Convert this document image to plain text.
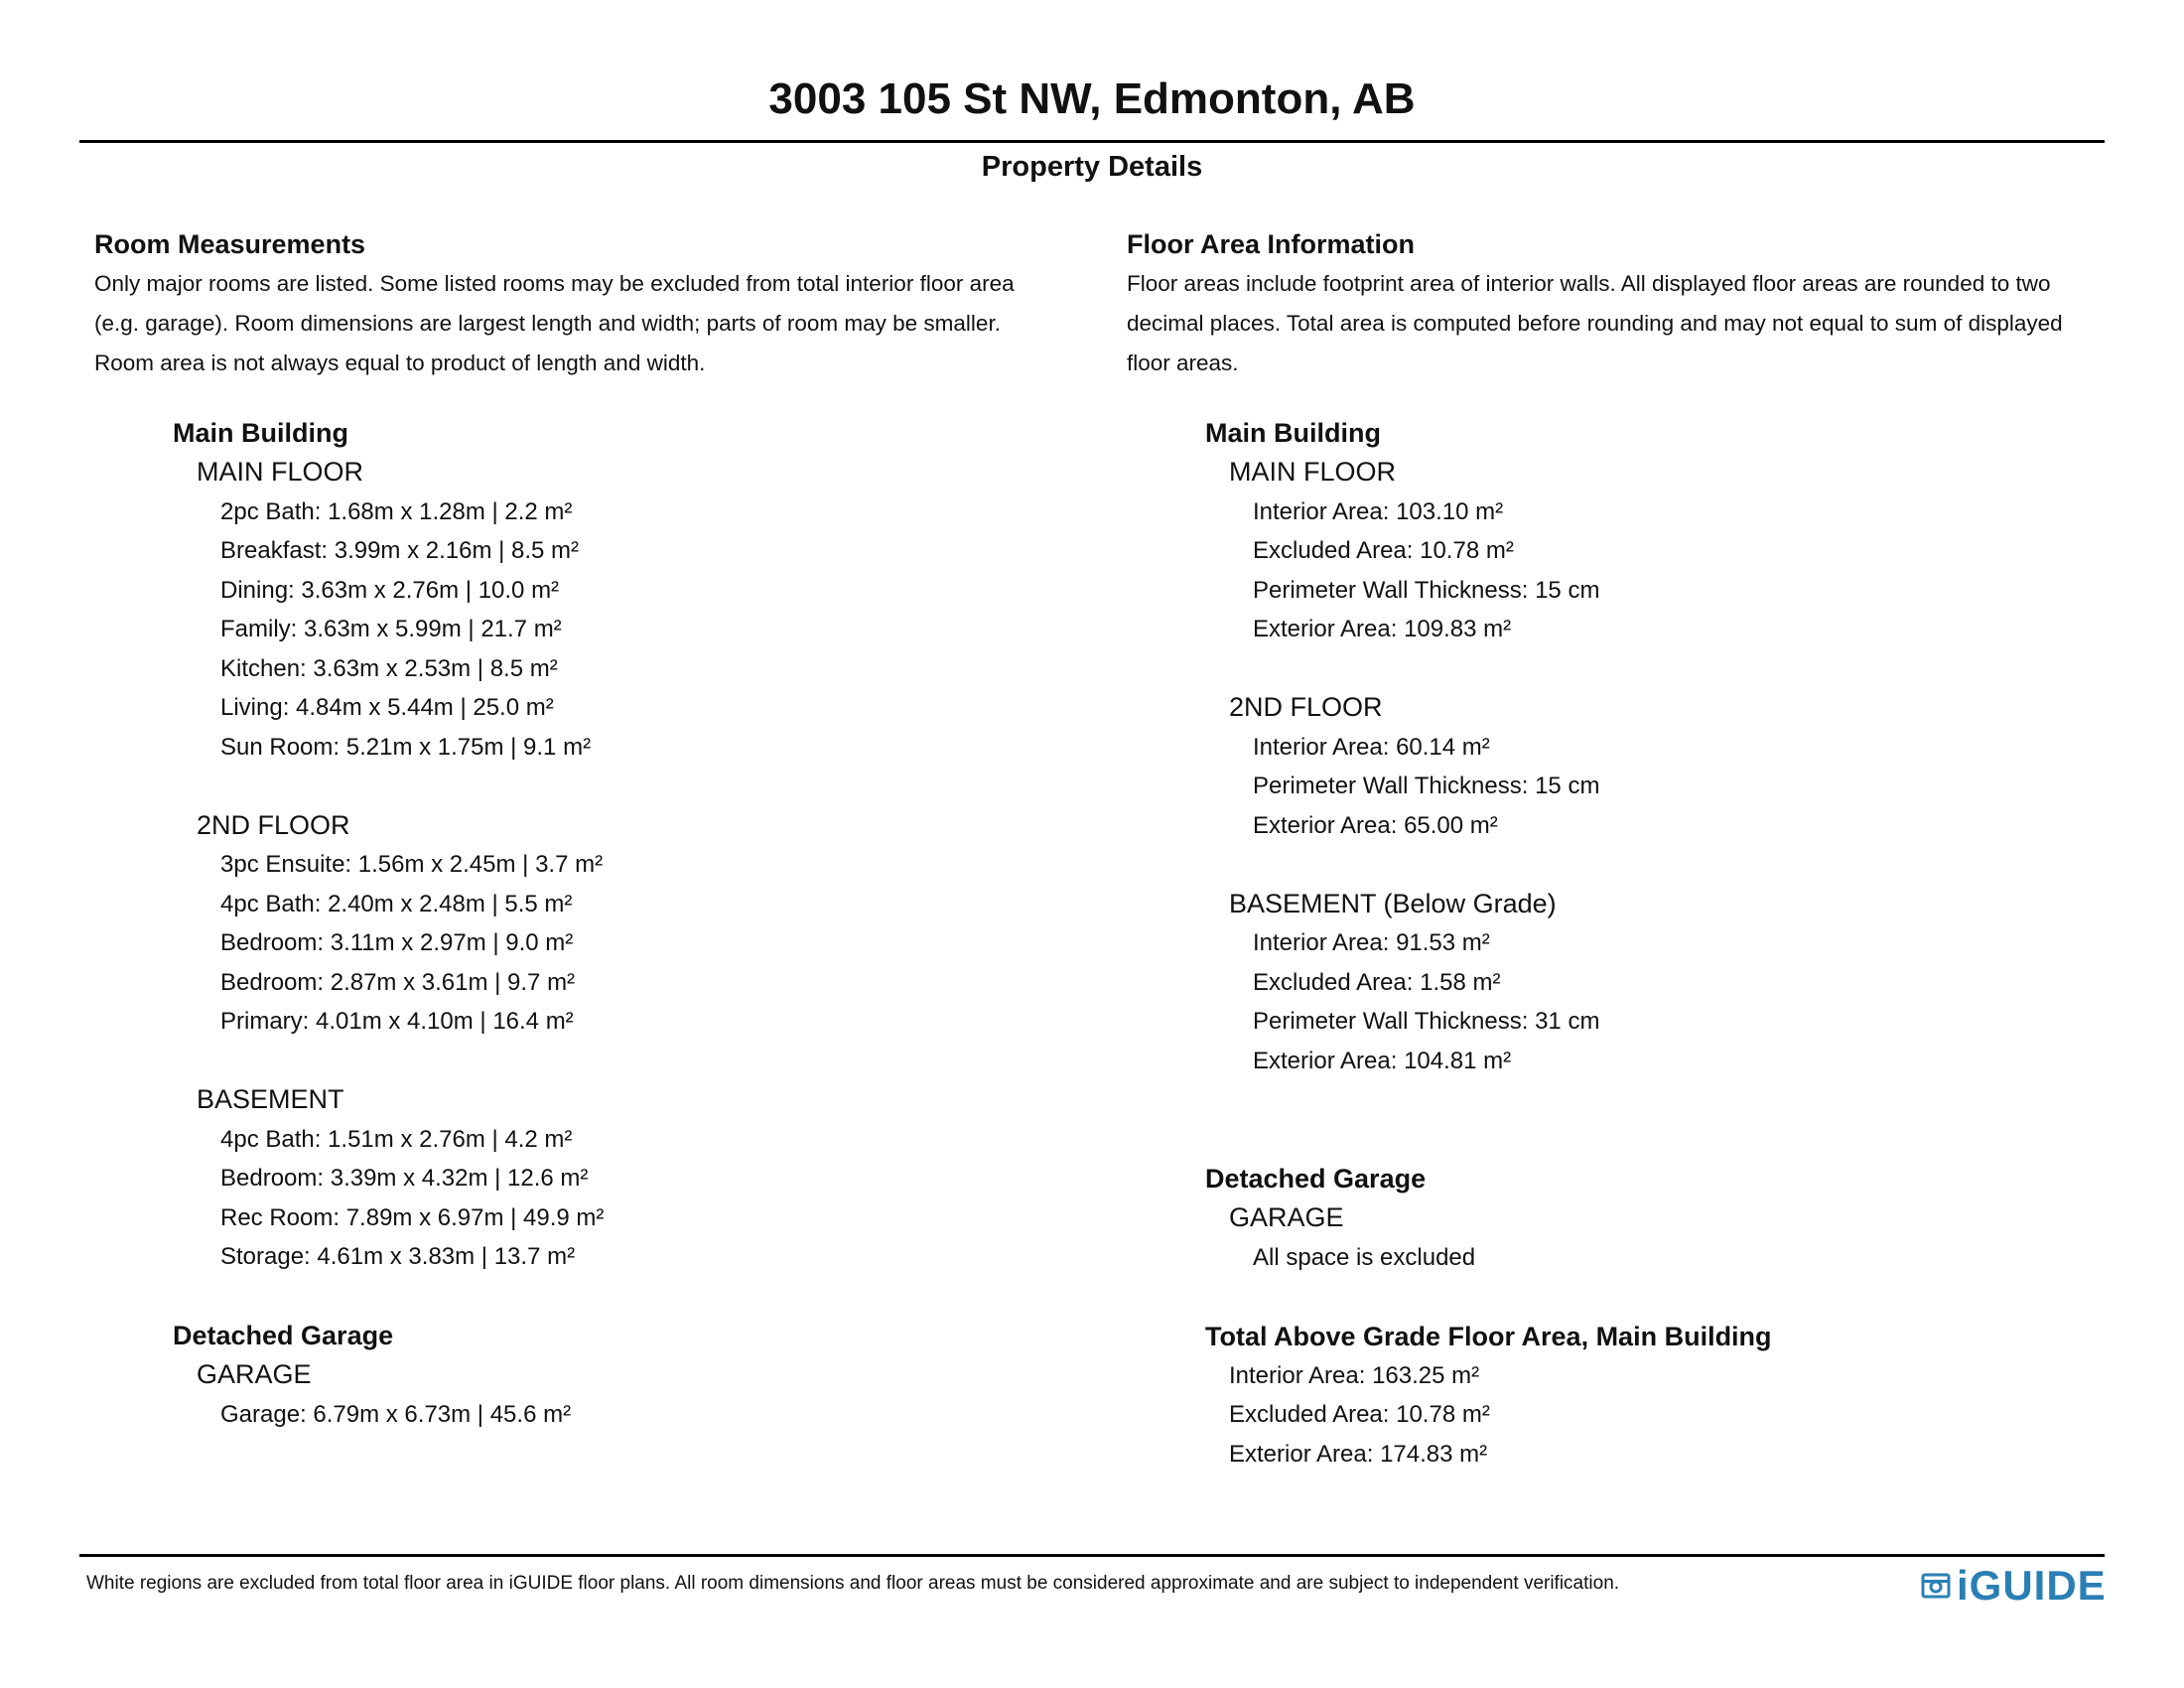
3003 105 St NW, Edmonton, AB
Property Details
Room Measurements
Only major rooms are listed. Some listed rooms may be excluded from total interior floor area
(e.g. garage). Room dimensions are largest length and width; parts of room may be smaller.
Room area is not always equal to product of length and width.
Main Building
MAIN FLOOR
2pc Bath: 1.68m x 1.28m | 2.2 m²
Breakfast: 3.99m x 2.16m | 8.5 m²
Dining: 3.63m x 2.76m | 10.0 m²
Family: 3.63m x 5.99m | 21.7 m²
Kitchen: 3.63m x 2.53m | 8.5 m²
Living: 4.84m x 5.44m | 25.0 m²
Sun Room: 5.21m x 1.75m | 9.1 m²
2ND FLOOR
3pc Ensuite: 1.56m x 2.45m | 3.7 m²
4pc Bath: 2.40m x 2.48m | 5.5 m²
Bedroom: 3.11m x 2.97m | 9.0 m²
Bedroom: 2.87m x 3.61m | 9.7 m²
Primary: 4.01m x 4.10m | 16.4 m²
BASEMENT
4pc Bath: 1.51m x 2.76m | 4.2 m²
Bedroom: 3.39m x 4.32m | 12.6 m²
Rec Room: 7.89m x 6.97m | 49.9 m²
Storage: 4.61m x 3.83m | 13.7 m²
Detached Garage
GARAGE
Garage: 6.79m x 6.73m | 45.6 m²
Floor Area Information
Floor areas include footprint area of interior walls. All displayed floor areas are rounded to two
decimal places. Total area is computed before rounding and may not equal to sum of displayed
floor areas.
Main Building
MAIN FLOOR
Interior Area: 103.10 m²
Excluded Area: 10.78 m²
Perimeter Wall Thickness: 15 cm
Exterior Area: 109.83 m²
2ND FLOOR
Interior Area: 60.14 m²
Perimeter Wall Thickness: 15 cm
Exterior Area: 65.00 m²
BASEMENT (Below Grade)
Interior Area: 91.53 m²
Excluded Area: 1.58 m²
Perimeter Wall Thickness: 31 cm
Exterior Area: 104.81 m²
Detached Garage
GARAGE
All space is excluded
Total Above Grade Floor Area, Main Building
Interior Area: 163.25 m²
Excluded Area: 10.78 m²
Exterior Area: 174.83 m²
White regions are excluded from total floor area in iGUIDE floor plans. All room dimensions and floor areas must be considered approximate and are subject to independent verification.	iGUIDE
